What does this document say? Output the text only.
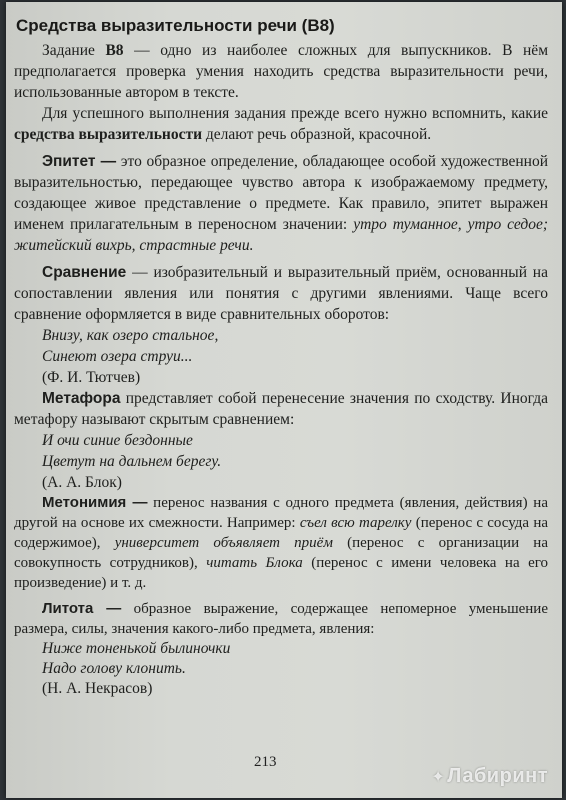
Средства выразительности речи (В8)

Задание В8 — одно из наиболее сложных для выпускников. В нём предполагается проверка умения находить средства выразительности речи, использованные автором в тексте.

Для успешного выполнения задания прежде всего нужно вспомнить, какие средства выразительности делают речь образной, красочной.

Эпитет — это образное определение, обладающее особой художественной выразительностью, передающее чувство автора к изображаемому предмету, создающее живое представление о предмете. Как правило, эпитет выражен именем прилагательным в переносном значении: утро туманное, утро седое; житейский вихрь, страстные речи.

Сравнение — изобразительный и выразительный приём, основанный на сопоставлении явления или понятия с другими явлениями. Чаще всего сравнение оформляется в виде сравнительных оборотов:

Внизу, как озеро стальное,
Синеют озера струи...
(Ф. И. Тютчев)

Метафора представляет собой перенесение значения по сходству. Иногда метафору называют скрытым сравнением:

И очи синие бездонные
Цветут на дальнем берегу.
(А. А. Блок)

Метонимия — перенос названия с одного предмета (явления, действия) на другой на основе их смежности. Например: съел всю тарелку (перенос с сосуда на содержимое), университет объявляет приём (перенос с организации на совокупность сотрудников), читать Блока (перенос с имени человека на его произведение) и т. д.

Литота — образное выражение, содержащее непомерное уменьшение размера, силы, значения какого-либо предмета, явления:

Ниже тоненькой былиночки
Надо голову клонить.
(Н. А. Некрасов)
213
✦ Лабиринт
